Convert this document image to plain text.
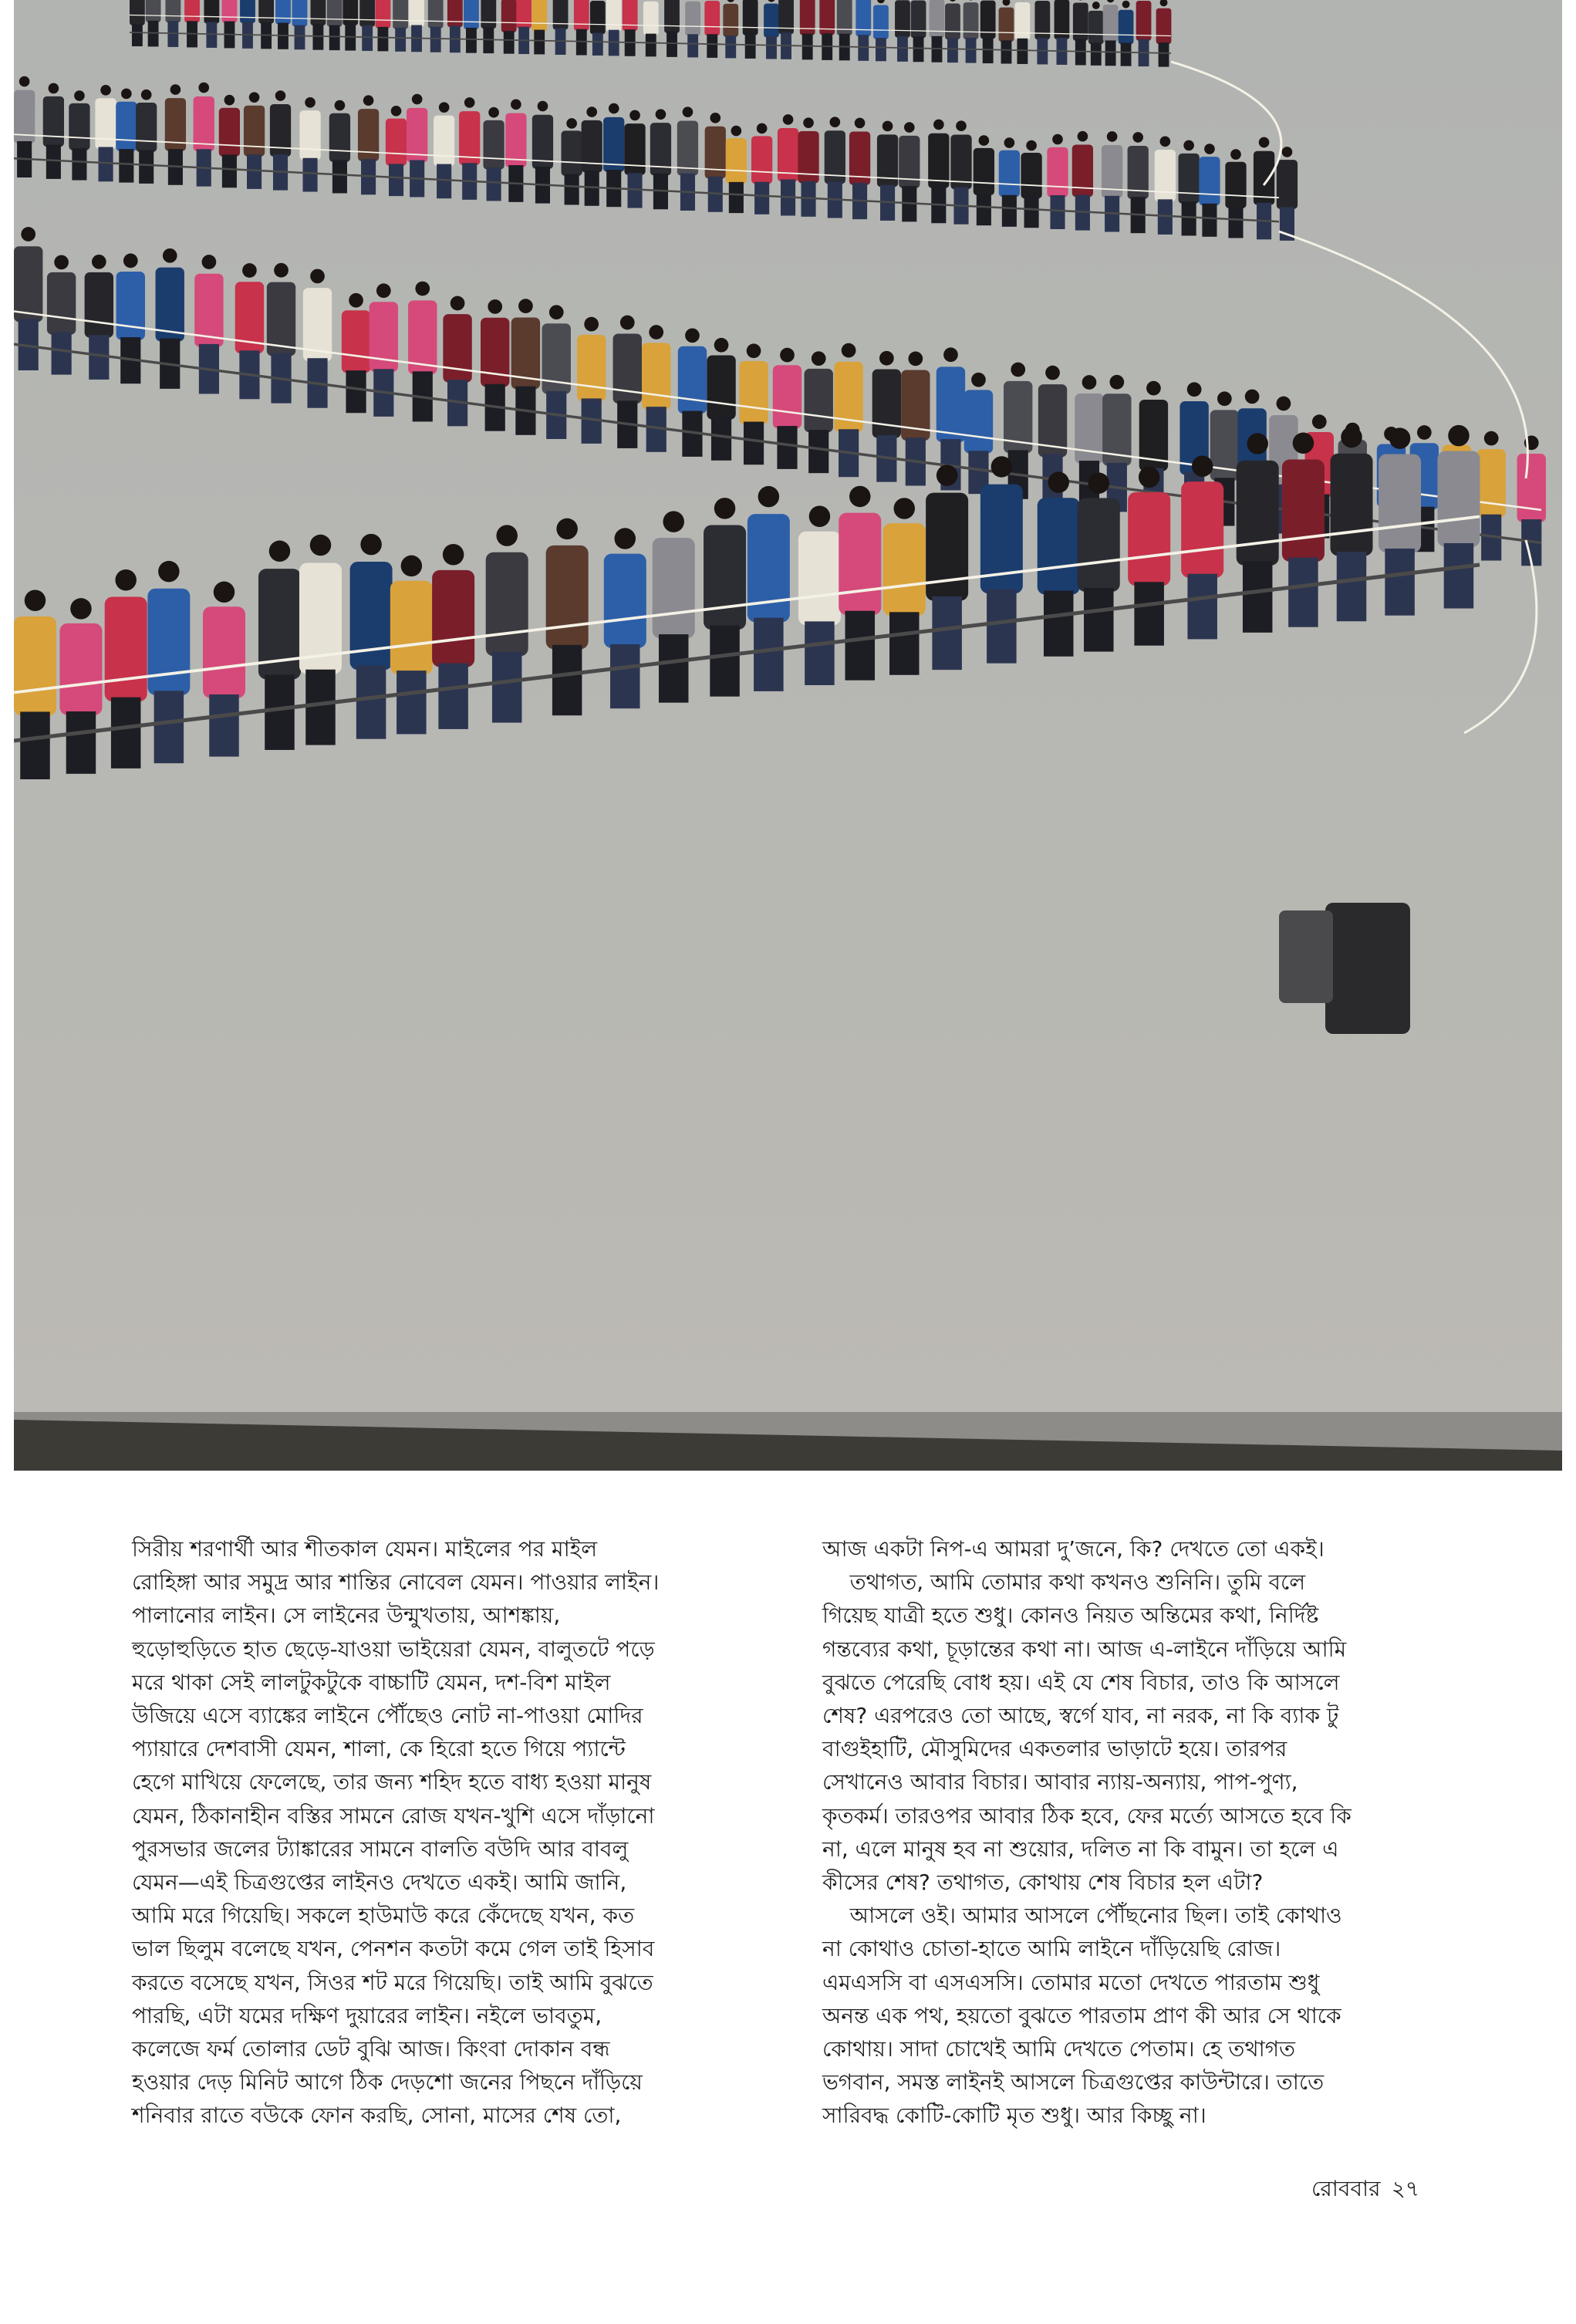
সিরীয় শরণার্থী আর শীতকাল যেমন। মাইলের পর মাইল

রোহিঙ্গা আর সমুদ্র আর শান্তির নোবেল যেমন। পাওয়ার লাইন।

পালানোর লাইন। সে লাইনের উন্মুখতায়, আশঙ্কায়,

হুড়োহুড়িতে হাত ছেড়ে-যাওয়া ভাইয়েরা যেমন, বালুতটে পড়ে

মরে থাকা সেই লালটুকটুকে বাচ্চাটি যেমন, দশ-বিশ মাইল

উজিয়ে এসে ব্যাঙ্কের লাইনে পৌঁছেও নোট না-পাওয়া মোদির

প্যায়ারে দেশবাসী যেমন, শালা, কে হিরো হতে গিয়ে প্যান্টে

হেগে মাখিয়ে ফেলেছে, তার জন্য শহিদ হতে বাধ্য হওয়া মানুষ

যেমন, ঠিকানাহীন বস্তির সামনে রোজ যখন-খুশি এসে দাঁড়ানো

পুরসভার জলের ট্যাঙ্কারের সামনে বালতি বউদি আর বাবলু

যেমন—এই চিত্রগুপ্তের লাইনও দেখতে একই। আমি জানি,

আমি মরে গিয়েছি। সকলে হাউমাউ করে কেঁদেছে যখন, কত

ভাল ছিলুম বলেছে যখন, পেনশন কতটা কমে গেল তাই হিসাব

করতে বসেছে যখন, সিওর শট মরে গিয়েছি। তাই আমি বুঝতে

পারছি, এটা যমের দক্ষিণ দুয়ারের লাইন। নইলে ভাবতুম,

কলেজে ফর্ম তোলার ডেট বুঝি আজ। কিংবা দোকান বন্ধ

হওয়ার দেড় মিনিট আগে ঠিক দেড়শো জনের পিছনে দাঁড়িয়ে

শনিবার রাতে বউকে ফোন করছি, সোনা, মাসের শেষ তো,

আজ একটা নিপ-এ আমরা দু’জনে, কি? দেখতে তো একই।

তথাগত, আমি তোমার কথা কখনও শুনিনি। তুমি বলে

গিয়েছ যাত্রী হতে শুধু। কোনও নিয়ত অন্তিমের কথা, নির্দিষ্ট

গন্তব্যের কথা, চূড়ান্তের কথা না। আজ এ-লাইনে দাঁড়িয়ে আমি

বুঝতে পেরেছি বোধ হয়। এই যে শেষ বিচার, তাও কি আসলে

শেষ? এরপরেও তো আছে, স্বর্গে যাব, না নরক, না কি ব্যাক টু

বাগুইহাটি, মৌসুমিদের একতলার ভাড়াটে হয়ে। তারপর

সেখানেও আবার বিচার। আবার ন্যায়-অন্যায়, পাপ-পুণ্য,

কৃতকর্ম। তারওপর আবার ঠিক হবে, ফের মর্ত্যে আসতে হবে কি

না, এলে মানুষ হব না শুয়োর, দলিত না কি বামুন। তা হলে এ

কীসের শেষ? তথাগত, কোথায় শেষ বিচার হল এটা?

আসলে ওই। আমার আসলে পৌঁছনোর ছিল। তাই কোথাও

না কোথাও চোতা-হাতে আমি লাইনে দাঁড়িয়েছি রোজ।

এমএসসি বা এসএসসি। তোমার মতো দেখতে পারতাম শুধু

অনন্ত এক পথ, হয়তো বুঝতে পারতাম প্রাণ কী আর সে থাকে

কোথায়। সাদা চোখেই আমি দেখতে পেতাম। হে তথাগত

ভগবান, সমস্ত লাইনই আসলে চিত্রগুপ্তের কাউন্টারে। তাতে

সারিবদ্ধ কোটি-কোটি মৃত শুধু। আর কিচ্ছু না।

রোববার ২৭
